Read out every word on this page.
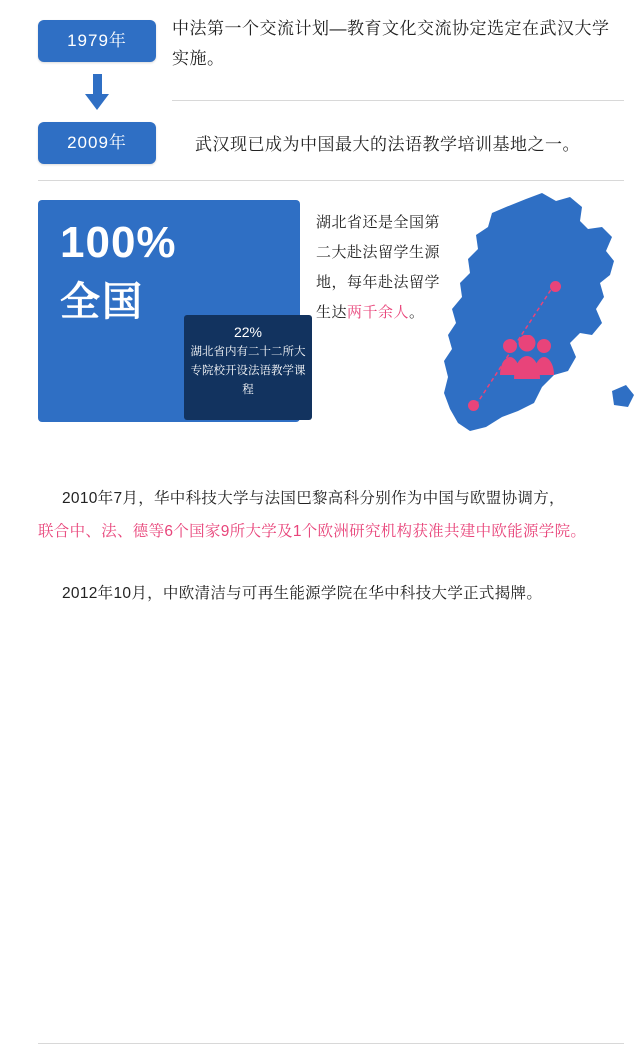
1979年
2009年
中法第一个交流计划—教育文化交流协定选定在武汉大学实施。
武汉现已成为中国最大的法语教学培训基地之一。
100%
全国
22%
湖北省内有二十二所大专院校开设法语教学课程
湖北省还是全国第
二大赴法留学生源
地，每年赴法留学
生达两千余人。

2010年7月，华中科技大学与法国巴黎高科分别作为中国与欧盟协调方，

联合中、法、德等6个国家9所大学及1个欧洲研究机构获准共建中欧能源学院。

2012年10月，中欧清洁与可再生能源学院在华中科技大学正式揭牌。
